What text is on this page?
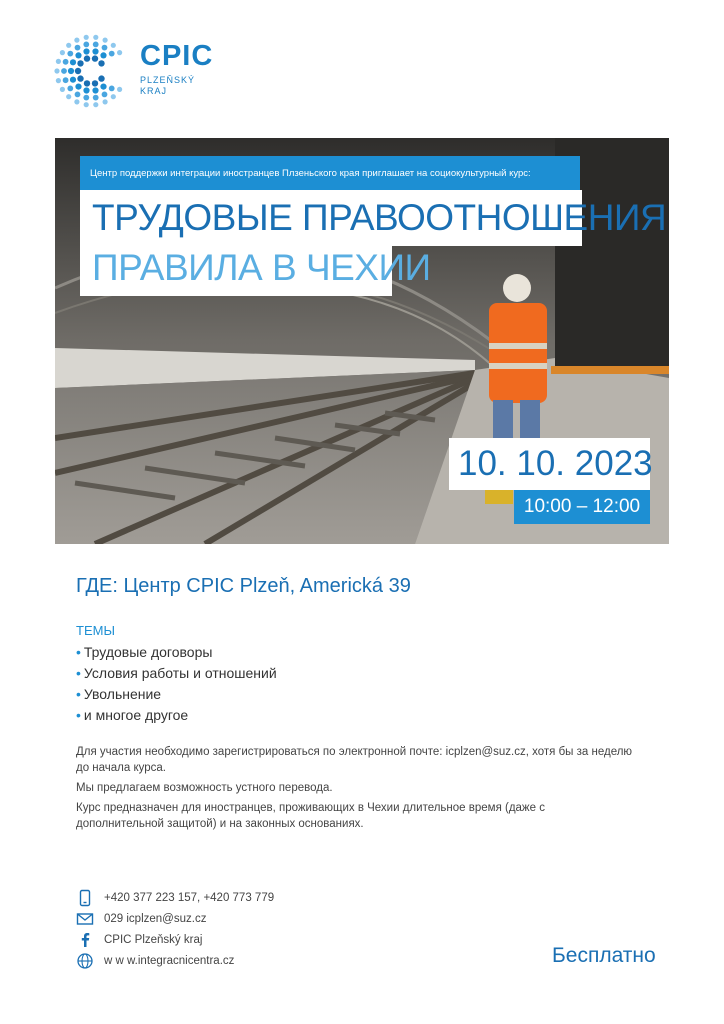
CPIC
PLZEŇSKÝ
KRAJ
Центр поддержки интеграции иностранцев Плзеньского края приглашает на социокультурный курс:
ТРУДОВЫЕ ПРАВООТНОШЕНИЯ
ПРАВИЛА В ЧЕХИИ
10. 10. 2023
10:00 – 12:00
ГДЕ: Центр CPIC Plzeň, Americká 39
ТЕМЫ
• Трудовые договоры
• Условия работы и отношений
• Увольнение
• и многое другое

Для участия необходимо зарегистрироваться по электронной почте: icplzen@suz.cz, хотя бы за неделю до начала курса.

Мы предлагаем возможность устного перевода.

Курс предназначен для иностранцев, проживающих в Чехии длительное время (даже с дополнительной защитой) и на законных основаниях.

+420 377 223 157, +420 773 779
029 icplzen@suz.cz
CPIC Plzeňský kraj
w w w.integracnicentra.cz	Бесплатно
